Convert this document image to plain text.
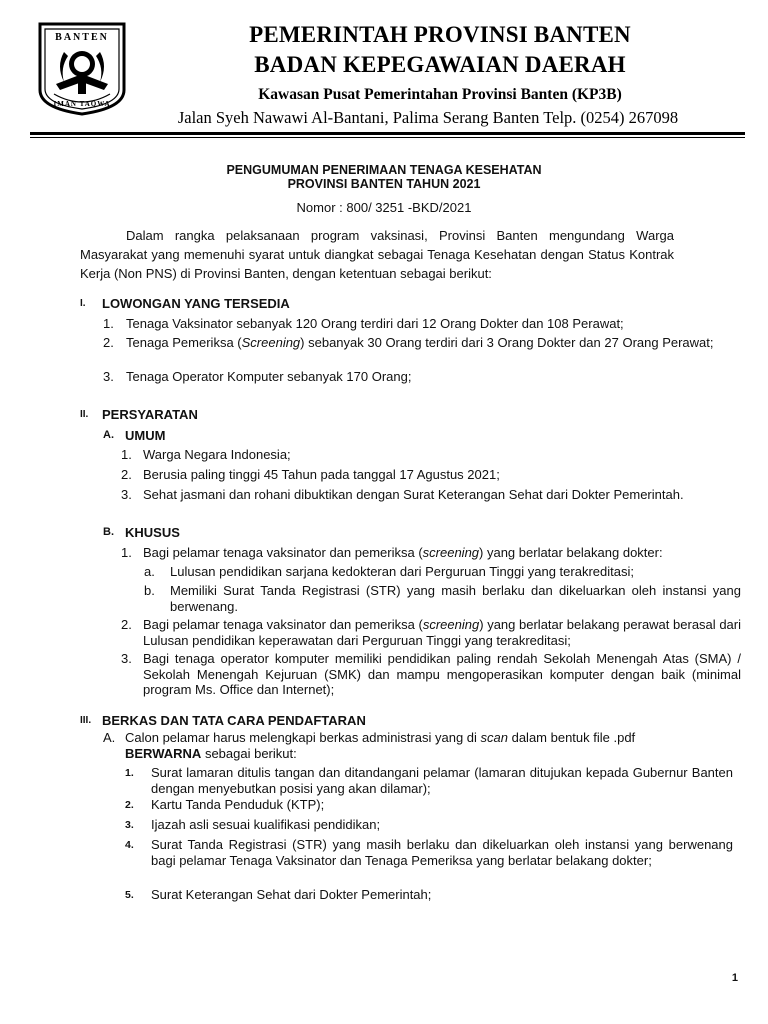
BANTEN
IMAN TAQWA
PEMERINTAH PROVINSI BANTEN
BADAN KEPEGAWAIAN DAERAH
Kawasan Pusat Pemerintahan Provinsi Banten (KP3B)
Jalan Syeh Nawawi Al-Bantani, Palima Serang Banten Telp. (0254) 267098
PENGUMUMAN PENERIMAAN TENAGA KESEHATAN
PROVINSI BANTEN TAHUN 2021
Nomor : 800/ 3251 -BKD/2021
Dalam rangka pelaksanaan program vaksinasi, Provinsi Banten mengundang Warga Masyarakat yang memenuhi syarat untuk diangkat sebagai Tenaga Kesehatan dengan Status Kontrak Kerja (Non PNS) di Provinsi Banten, dengan ketentuan sebagai berikut:
I. LOWONGAN YANG TERSEDIA
1. Tenaga Vaksinator sebanyak 120 Orang terdiri dari 12 Orang Dokter dan 108 Perawat;
2. Tenaga Pemeriksa (Screening) sebanyak 30 Orang terdiri dari 3 Orang Dokter dan 27 Orang Perawat;
3. Tenaga Operator Komputer sebanyak 170 Orang;
II. PERSYARATAN
A. UMUM
1. Warga Negara Indonesia;
2. Berusia paling tinggi 45 Tahun pada tanggal 17 Agustus 2021;
3. Sehat jasmani dan rohani dibuktikan dengan Surat Keterangan Sehat dari Dokter Pemerintah.
B. KHUSUS
1. Bagi pelamar tenaga vaksinator dan pemeriksa (screening) yang berlatar belakang dokter:
a. Lulusan pendidikan sarjana kedokteran dari Perguruan Tinggi yang terakreditasi;
b. Memiliki Surat Tanda Registrasi (STR) yang masih berlaku dan dikeluarkan oleh instansi yang berwenang.
2. Bagi pelamar tenaga vaksinator dan pemeriksa (screening) yang berlatar belakang perawat berasal dari Lulusan pendidikan keperawatan dari Perguruan Tinggi yang terakreditasi;
3. Bagi tenaga operator komputer memiliki pendidikan paling rendah Sekolah Menengah Atas (SMA) / Sekolah Menengah Kejuruan (SMK) dan mampu mengoperasikan komputer dengan baik (minimal program Ms. Office dan Internet);
III. BERKAS DAN TATA CARA PENDAFTARAN
A. Calon pelamar harus melengkapi berkas administrasi yang di scan dalam bentuk file .pdf BERWARNA sebagai berikut:
1. Surat lamaran ditulis tangan dan ditandangani pelamar (lamaran ditujukan kepada Gubernur Banten dengan menyebutkan posisi yang akan dilamar);
2. Kartu Tanda Penduduk (KTP);
3. Ijazah asli sesuai kualifikasi pendidikan;
4. Surat Tanda Registrasi (STR) yang masih berlaku dan dikeluarkan oleh instansi yang berwenang bagi pelamar Tenaga Vaksinator dan Tenaga Pemeriksa yang berlatar belakang dokter;
5. Surat Keterangan Sehat dari Dokter Pemerintah;
1
